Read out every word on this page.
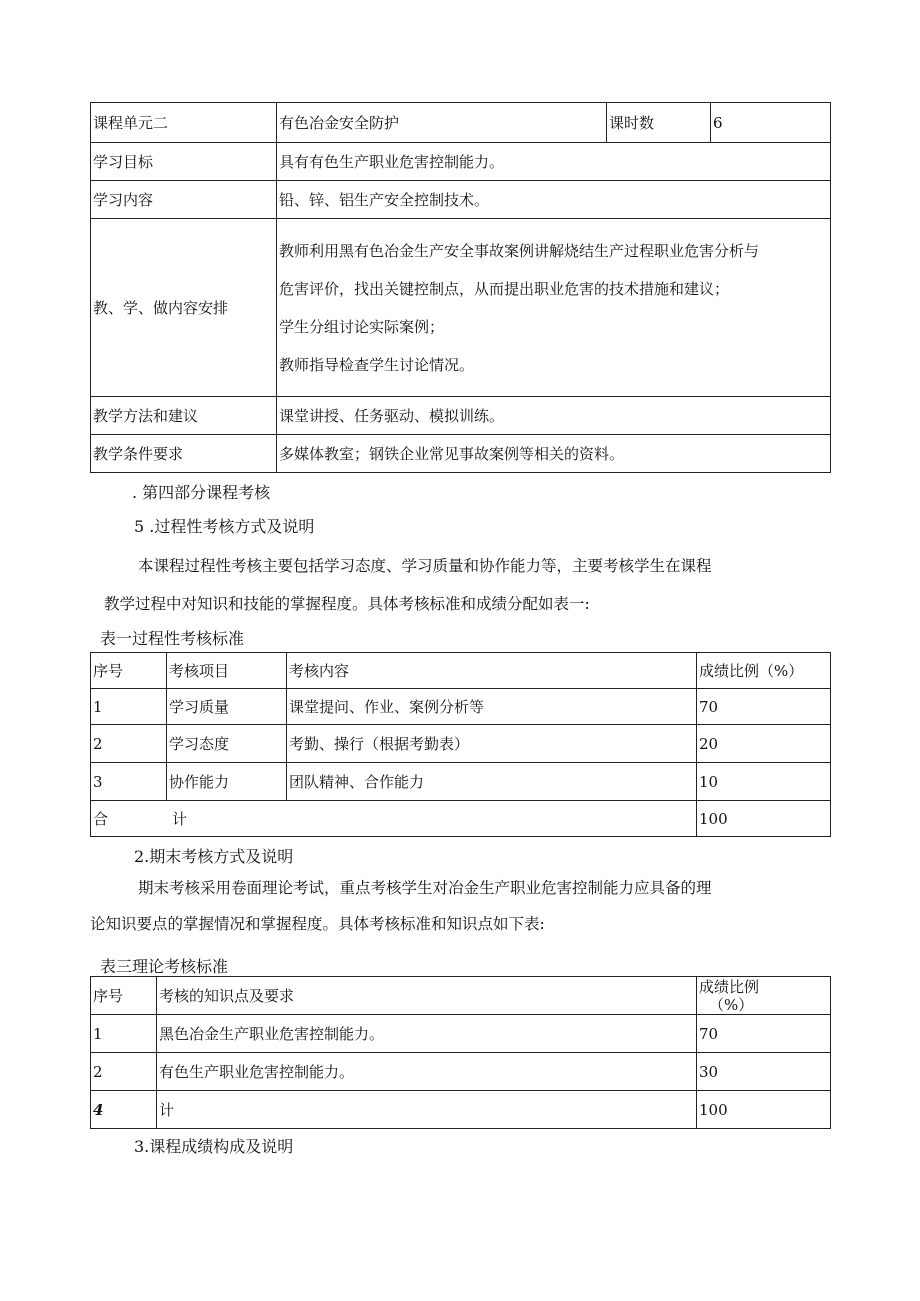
课程单元二	有色冶金安全防护	课时数	6
学习目标	具有有色生产职业危害控制能力。		
学习内容	铅、锌、铝生产安全控制技术。		
教、学、做内容安排	教师利用黑有色冶金生产安全事故案例讲解烧结生产过程职业危害分析与

危害评价，找出关键控制点，从而提出职业危害的技术措施和建议；

学生分组讨论实际案例；

教师指导检查学生讨论情况。		

教学方法和建议	课堂讲授、任务驱动、模拟训练。		
教学条件要求	多媒体教室；钢铁企业常见事故案例等相关的资料。		
. 第四部分课程考核
5 .过程性考核方式及说明
本课程过程性考核主要包括学习态度、学习质量和协作能力等，主要考核学生在课程
教学过程中对知识和技能的掌握程度。具体考核标准和成绩分配如表一:
表一过程性考核标准
序号	考核项目	考核内容	成绩比例（%）
1	学习质量	课堂提问、作业、案例分析等	70
2	学习态度	考勤、操行（根据考勤表）	20
3	协作能力	团队精神、合作能力	10
合 计			100
2.期末考核方式及说明
期末考核采用卷面理论考试，重点考核学生对冶金生产职业危害控制能力应具备的理
论知识要点的掌握情况和掌握程度。具体考核标准和知识点如下表:
表三理论考核标准
序号	考核的知识点及要求	成绩比例
（%）

1	黑色冶金生产职业危害控制能力。	70
2	有色生产职业危害控制能力。	30
4	计	100
3.课程成绩构成及说明
